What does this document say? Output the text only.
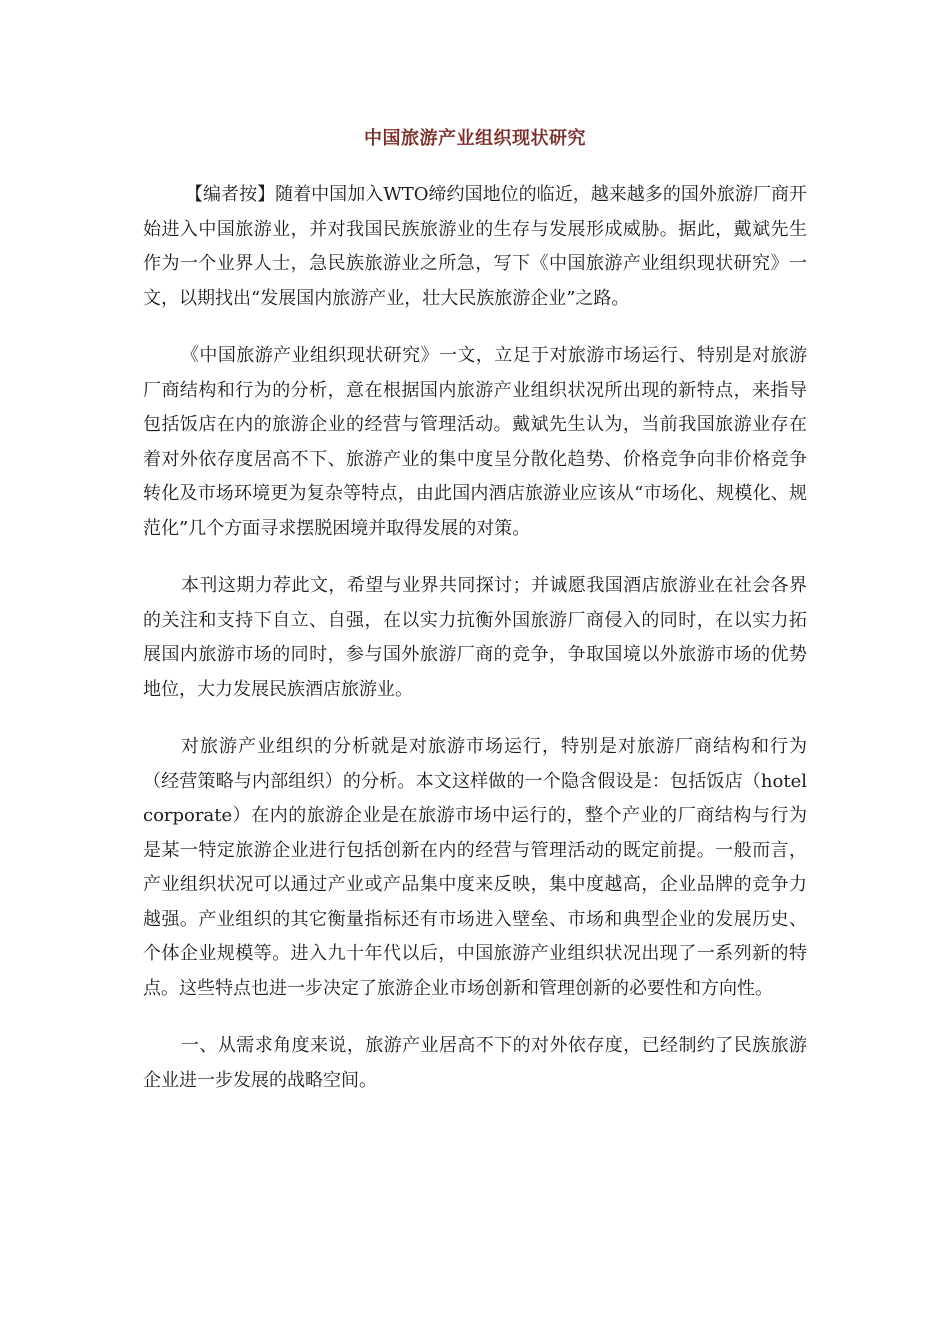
中国旅游产业组织现状研究

【编者按】随着中国加入WTO缔约国地位的临近，越来越多的国外旅游厂商开始进入中国旅游业，并对我国民族旅游业的生存与发展形成威胁。据此，戴斌先生作为一个业界人士，急民族旅游业之所急，写下《中国旅游产业组织现状研究》一文，以期找出“发展国内旅游产业，壮大民族旅游企业”之路。

《中国旅游产业组织现状研究》一文，立足于对旅游市场运行、特别是对旅游厂商结构和行为的分析，意在根据国内旅游产业组织状况所出现的新特点，来指导包括饭店在内的旅游企业的经营与管理活动。戴斌先生认为，当前我国旅游业存在着对外依存度居高不下、旅游产业的集中度呈分散化趋势、价格竞争向非价格竞争转化及市场环境更为复杂等特点，由此国内酒店旅游业应该从“市场化、规模化、规范化”几个方面寻求摆脱困境并取得发展的对策。

本刊这期力荐此文，希望与业界共同探讨；并诚愿我国酒店旅游业在社会各界的关注和支持下自立、自强，在以实力抗衡外国旅游厂商侵入的同时，在以实力拓展国内旅游市场的同时，参与国外旅游厂商的竞争，争取国境以外旅游市场的优势地位，大力发展民族酒店旅游业。

对旅游产业组织的分析就是对旅游市场运行，特别是对旅游厂商结构和行为（经营策略与内部组织）的分析。本文这样做的一个隐含假设是：包括饭店（hotel corporate）在内的旅游企业是在旅游市场中运行的，整个产业的厂商结构与行为是某一特定旅游企业进行包括创新在内的经营与管理活动的既定前提。一般而言，产业组织状况可以通过产业或产品集中度来反映，集中度越高，企业品牌的竞争力越强。产业组织的其它衡量指标还有市场进入壁垒、市场和典型企业的发展历史、个体企业规模等。进入九十年代以后，中国旅游产业组织状况出现了一系列新的特点。这些特点也进一步决定了旅游企业市场创新和管理创新的必要性和方向性。

一、从需求角度来说，旅游产业居高不下的对外依存度，已经制约了民族旅游企业进一步发展的战略空间。
